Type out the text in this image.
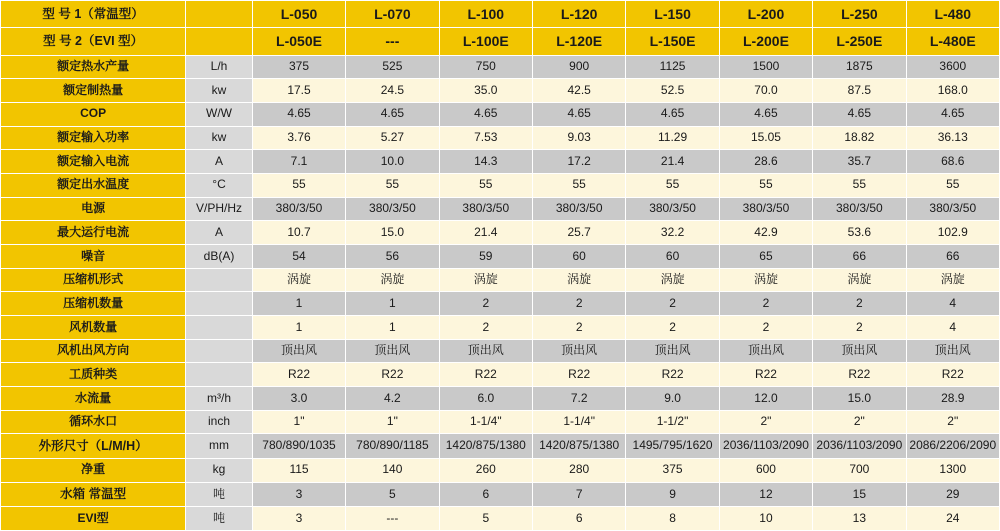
型 号 1（常温型）		L-050	L-070	L-100	L-120	L-150	L-200	L-250	L-480
型 号 2（EVI 型）		L-050E	---	L-100E	L-120E	L-150E	L-200E	L-250E	L-480E
额定热水产量	L/h	375	525	750	900	1125	1500	1875	3600
额定制热量	kw	17.5	24.5	35.0	42.5	52.5	70.0	87.5	168.0
COP	W/W	4.65	4.65	4.65	4.65	4.65	4.65	4.65	4.65
额定输入功率	kw	3.76	5.27	7.53	9.03	11.29	15.05	18.82	36.13
额定输入电流	A	7.1	10.0	14.3	17.2	21.4	28.6	35.7	68.6
额定出水温度	°C	55	55	55	55	55	55	55	55
电源	V/PH/Hz	380/3/50	380/3/50	380/3/50	380/3/50	380/3/50	380/3/50	380/3/50	380/3/50
最大运行电流	A	10.7	15.0	21.4	25.7	32.2	42.9	53.6	102.9
噪音	dB(A)	54	56	59	60	60	65	66	66
压缩机形式		涡旋	涡旋	涡旋	涡旋	涡旋	涡旋	涡旋	涡旋
压缩机数量		1	1	2	2	2	2	2	4
风机数量		1	1	2	2	2	2	2	4
风机出风方向		顶出风	顶出风	顶出风	顶出风	顶出风	顶出风	顶出风	顶出风
工质种类		R22	R22	R22	R22	R22	R22	R22	R22
水流量	m³/h	3.0	4.2	6.0	7.2	9.0	12.0	15.0	28.9
循环水口	inch	1"	1"	1-1/4"	1-1/4"	1-1/2"	2"	2"	2"
外形尺寸（L/M/H）	mm	780/890/1035	780/890/1185	1420/875/1380	1420/875/1380	1495/795/1620	2036/1103/2090	2036/1103/2090	2086/2206/2090
净重	kg	115	140	260	280	375	600	700	1300
水箱 常温型	吨	3	5	6	7	9	12	15	29
EVI型	吨	3	---	5	6	8	10	13	24
